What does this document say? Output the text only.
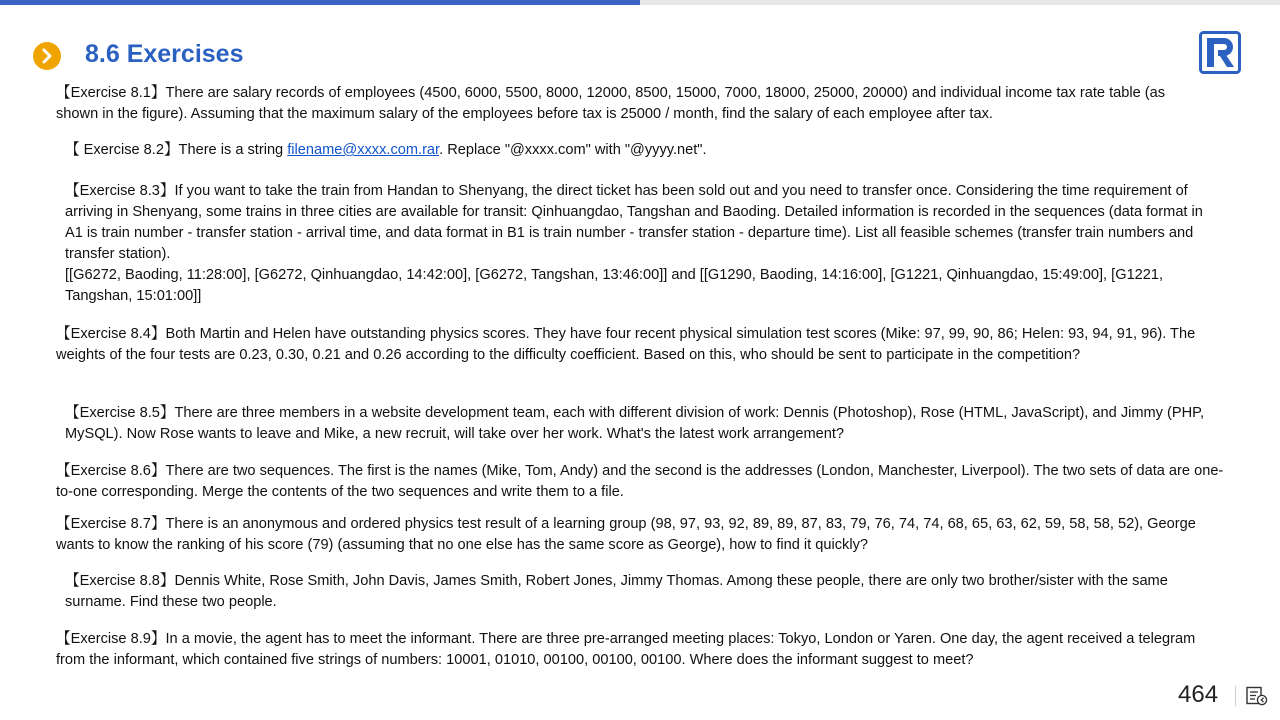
8.6 Exercises

【Exercise 8.1】There are salary records of employees (4500, 6000, 5500, 8000, 12000, 8500, 15000, 7000, 18000, 25000, 20000) and individual income tax rate table (as shown in the figure). Assuming that the maximum salary of the employees before tax is 25000 / month, find the salary of each employee after tax.

【 Exercise 8.2】There is a string filename@xxxx.com.rar. Replace "@xxxx.com" with "@yyyy.net".

【Exercise 8.3】If you want to take the train from Handan to Shenyang, the direct ticket has been sold out and you need to transfer once. Considering the time requirement of arriving in Shenyang, some trains in three cities are available for transit: Qinhuangdao, Tangshan and Baoding. Detailed information is recorded in the sequences (data format in A1 is train number - transfer station - arrival time, and data format in B1 is train number - transfer station - departure time). List all feasible schemes (transfer train numbers and transfer station).

[[G6272, Baoding, 11:28:00], [G6272, Qinhuangdao, 14:42:00], [G6272, Tangshan, 13:46:00]] and [[G1290, Baoding, 14:16:00], [G1221, Qinhuangdao, 15:49:00], [G1221, Tangshan, 15:01:00]]

【Exercise 8.4】Both Martin and Helen have outstanding physics scores. They have four recent physical simulation test scores (Mike: 97, 99, 90, 86; Helen: 93, 94, 91, 96). The weights of the four tests are 0.23, 0.30, 0.21 and 0.26 according to the difficulty coefficient. Based on this, who should be sent to participate in the competition?

【Exercise 8.5】There are three members in a website development team, each with different division of work: Dennis (Photoshop), Rose (HTML, JavaScript), and Jimmy (PHP, MySQL). Now Rose wants to leave and Mike, a new recruit, will take over her work. What's the latest work arrangement?

【Exercise 8.6】There are two sequences. The first is the names (Mike, Tom, Andy) and the second is the addresses (London, Manchester, Liverpool). The two sets of data are one-to-one corresponding. Merge the contents of the two sequences and write them to a file.

【Exercise 8.7】There is an anonymous and ordered physics test result of a learning group (98, 97, 93, 92, 89, 89, 87, 83, 79, 76, 74, 74, 68, 65, 63, 62, 59, 58, 58, 52), George wants to know the ranking of his score (79) (assuming that no one else has the same score as George), how to find it quickly?

【Exercise 8.8】Dennis White, Rose Smith, John Davis, James Smith, Robert Jones, Jimmy Thomas. Among these people, there are only two brother/sister with the same surname. Find these two people.

【Exercise 8.9】In a movie, the agent has to meet the informant. There are three pre-arranged meeting places: Tokyo, London or Yaren. One day, the agent received a telegram from the informant, which contained five strings of numbers: 10001, 01010, 00100, 00100, 00100. Where does the informant suggest to meet?

464
